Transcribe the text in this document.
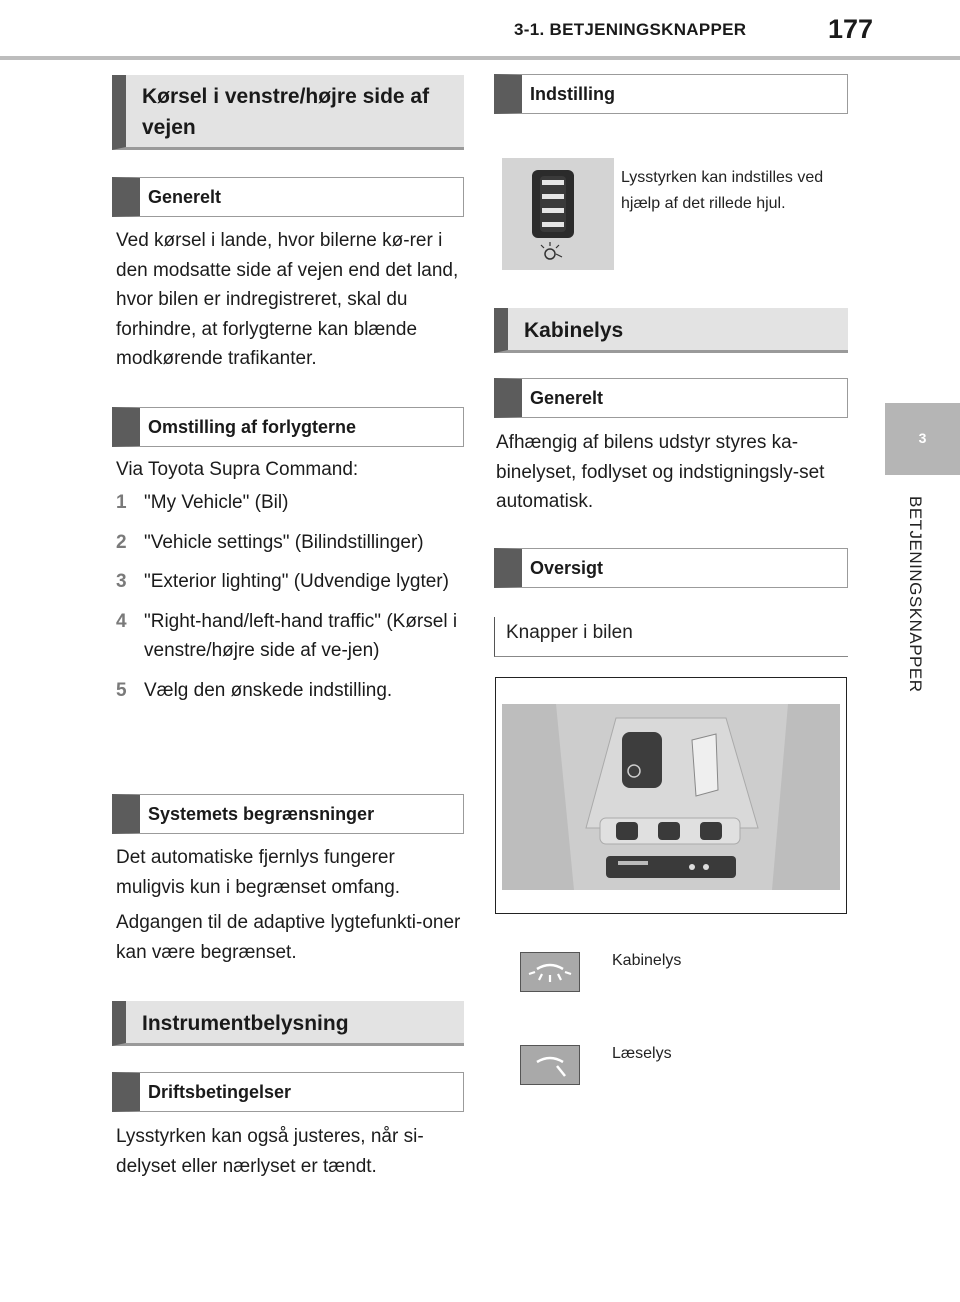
3-1. BETJENINGSKNAPPER	177
3
BETJENINGSKNAPPER
Kørsel i venstre/højre side af vejen
Generelt
Ved kørsel i lande, hvor bilerne kø-rer i den modsatte side af vejen end det land, hvor bilen er indregistreret, skal du forhindre, at forlygterne kan blænde modkørende trafikanter.
Omstilling af forlygterne
Via Toyota Supra Command:
1 "My Vehicle" (Bil)
2 "Vehicle settings" (Bilindstillinger)
3 "Exterior lighting" (Udvendige lygter)
4 "Right-hand/left-hand traffic" (Kørsel i venstre/højre side af ve-jen)
5 Vælg den ønskede indstilling.
Systemets begrænsninger
Det automatiske fjernlys fungerer muligvis kun i begrænset omfang.
Adgangen til de adaptive lygtefunkti-oner kan være begrænset.
Instrumentbelysning
Driftsbetingelser
Lysstyrken kan også justeres, når si-delyset eller nærlyset er tændt.
Indstilling
Lysstyrken kan indstilles ved hjælp af det rillede hjul.
Kabinelys
Generelt
Afhængig af bilens udstyr styres ka-binelyset, fodlyset og indstigningsly-set automatisk.
Oversigt
Knapper i bilen
Kabinelys
Læselys
